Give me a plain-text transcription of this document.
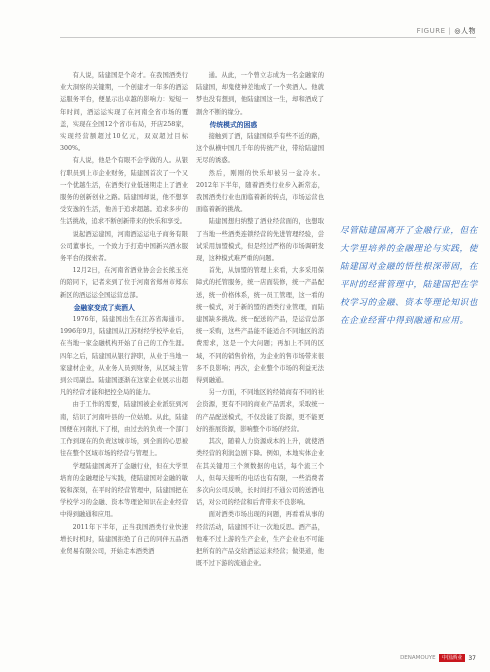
FIGURE | ◎人物

有人说，陆建国是个奇才。在我国酒类行业大洞察的关键期，一个创建才一年多的酒运运服务平台，便显示出卓越的影响力：短短一年时间，酒运运实现了在河南全省市场的覆盖，实现在全国12个省市布局，开店258家，实现经营额超过10亿元，双双超过目标300%。

有人说，他是个有眼不会学做的人。从银行职员到上市企业财务，陆建国首次了一个又一个优越生活，在酒类行业低迷期走上了酒业服务的创新创业之路。陆建国却说，他不想享受安逸的生活，他善于追求超越。追求多步的生活挑战，追求不断创新带来的快乐和享受。

说起酒运建国，河南酒运运电子商务有限公司董事长，一个致力于打造中国新兴酒水服务平台的探索者。

12月2日，在河南省酒业协会会长熊玉亮的陪同下，记者来到了位于河南省郑州市郑东新区的酒运运全国运营总部。

金融家变成了卖酒人

1976年，陆建国出生在江苏省海通市。1996年9月，陆建国从江苏财经学校毕业后，在当地一家金融机构开始了自己的工作生涯。四年之后，陆建国从银行辞职，从业于当地一家建材企业，从业务人员到财务，从区域主管到公司副总。陆建国逐渐在这家企业展示出超凡的经营才能和把控全局的能力。

由于工作的需要，陆建国被企业派驻到河南，结识了河南叶县的一位姑娘。从此，陆建国便在河南扎下了根，由过去的负责一个部门工作到现在的负责这城市场，到全面的心思被往在整个区域市场的经营与管理上。

学理陆建国离开了金融行业，但在大学里培育的金融理论与实践，使陆建国对金融的敏锐和深刻，在平时的经营管理中，陆建国把在学校学习的金融、资本等理论知识在企业经营中得到融通和应用。

2011年下半年，正当我国酒类行业快速增长时机时，陆建国拒绝了自己的同伴五品酒业贸易有限公司，开始走本酒类酒

通。从此，一个曾立志成为一名金融家的陆建国，却鬼使神差地成了一个卖酒人。他就梦也没有想到，他陆建国这一生，却和酒成了割舍不断的缘分。

传统模式的困惑

接触到了酒，陆建国似乎有些不近的路，这个纵横中国几千年的传统产业，带给陆建国无尽的诱惑。

然后，刚刚的快乐却被另一盆冷水。2012年下半年，随着酒类行业步入新常态，我国酒类行业也面临着新的转点，市场运营也面临着新的挑战。

陆建国想归纳整了酒业经营面的，也想取了当地一些酒类连锁经营的先进管理经验，尝试采用加盟模式，但是经过严格的市场调研发现，这种模式难严重的问题。

首先，从加盟的管理上来看，大多采用保障式的托管服务，统一店面装修，统一产品配送，统一价格体系，统一员工管理，这一看的统一模式，对于新的盟的酒类行业管理，而陆建国缺多挑战。统一配送的产品，是运营总部统一采购，这些产品能不能适合不同地区的消费需求，这是一个大问题；再加上不同的区域，不同的销售价格，为企业的售市场带来很多不良影响；再次，企业整个市场的利益无法得到融通。

另一方面，不同地区的经销商有不同的社会资源，更有不同的商业产品需求，采取统一的产品配送模式，不仅没能了资源，更不能更好的推展资源，影响整个市场的经营。

其次，随着人力资源成本的上升，就使酒类经营的利润急剧下降。例如，本地实体企业在其关键用三个须数据的电话，每个流三个人，但每天接听的电话也有有限，一些消费者多次向公司反映，长时间打不通公司的送酒电话，对公司的经营和后背带来不良影响。

面对酒类市场出现的问题，再看看从事的经营活动，陆建国不让一次地反思。酒产品，他难不过上游的生产企业，生产企业也不可能把所有的产品交给酒运运来经营；做渠道，他既不过下游的流通企业。

尽管陆建国离开了金融行业，但在大学里培养的金融理论与实践，使陆建国对金融的悟性根深蒂固，在平时的经营管理中，陆建国把在学校学习的金融、资本等理论知识也在企业经营中得到融通和应用。
DENAMOUYE	中国酒业	37
